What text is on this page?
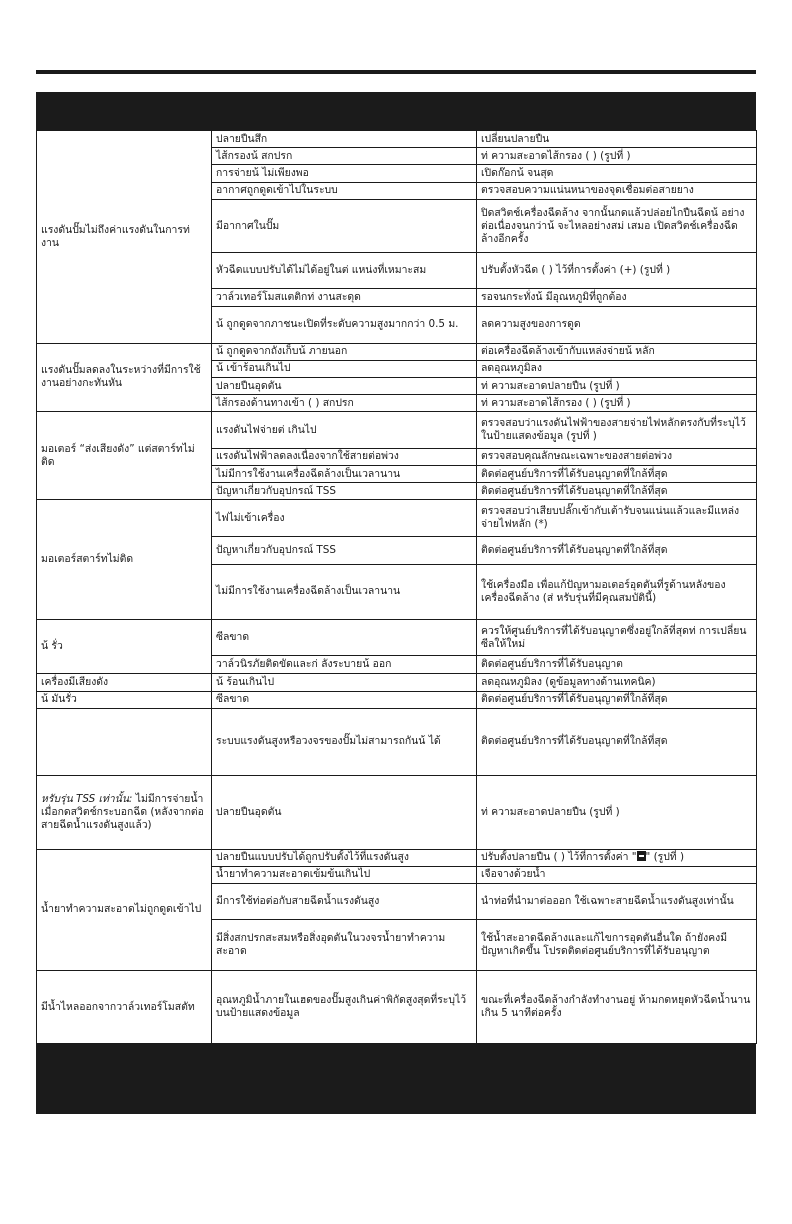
แรงดันปั๊มไม่ถึงค่าแรงดันในการท่ งาน	ปลายปืนสึก	เปลี่ยนปลายปืน
	ไส้กรองน้ สกปรก	ท่ ความสะอาดไส้กรอง ( ) (รูปที่ )
	การจ่ายน้ ไม่เพียงพอ	เปิดก๊อกน้ จนสุด
	อากาศถูกดูดเข้าไปในระบบ	ตรวจสอบความแน่นหนาของจุดเชื่อมต่อสายยาง
	มีอากาศในปั๊ม	ปิดสวิตช์เครื่องฉีดล้าง จากนั้นกดแล้วปล่อยไกปืนฉีดน้ อย่างต่อเนื่องจนกว่าน้ จะไหลอย่างสม่ เสมอ เปิดสวิตช์เครื่องฉีดล้างอีกครั้ง
	หัวฉีดแบบปรับได้ไม่ได้อยู่ในต่ แหน่งที่เหมาะสม	ปรับตั้งหัวฉีด ( ) ไว้ที่การตั้งค่า (+) (รูปที่ )
	วาล์วเทอร์โมสแตติกท่ งานสะดุด	รอจนกระทั่งน้ มีอุณหภูมิที่ถูกต้อง
	น้ ถูกดูดจากภาชนะเปิดที่ระดับความสูงมากกว่า 0.5 ม.	ลดความสูงของการดูด
แรงดันปั๊มลดลงในระหว่างที่มีการใช้งานอย่างกะทันหัน	น้ ถูกดูดจากถังเก็บน้ ภายนอก	ต่อเครื่องฉีดล้างเข้ากับแหล่งจ่ายน้ หลัก
	น้ เข้าร้อนเกินไป	ลดอุณหภูมิลง
	ปลายปืนอุดตัน	ท่ ความสะอาดปลายปืน (รูปที่ )
	ไส้กรองด้านทางเข้า ( ) สกปรก	ท่ ความสะอาดไส้กรอง ( ) (รูปที่ )
มอเตอร์ “ส่งเสียงดัง” แต่สตาร์ทไม่ติด	แรงดันไฟจ่ายต่ เกินไป	ตรวจสอบว่าแรงดันไฟฟ้าของสายจ่ายไฟหลักตรงกับที่ระบุไว้ในป้ายแสดงข้อมูล (รูปที่ )
	แรงดันไฟฟ้าลดลงเนื่องจากใช้สายต่อพ่วง	ตรวจสอบคุณลักษณะเฉพาะของสายต่อพ่วง
	ไม่มีการใช้งานเครื่องฉีดล้างเป็นเวลานาน	ติดต่อศูนย์บริการที่ได้รับอนุญาตที่ใกล้ที่สุด
	ปัญหาเกี่ยวกับอุปกรณ์ TSS	ติดต่อศูนย์บริการที่ได้รับอนุญาตที่ใกล้ที่สุด
มอเตอร์สตาร์ทไม่ติด	ไฟไม่เข้าเครื่อง	ตรวจสอบว่าเสียบปลั๊กเข้ากับเต้ารับจนแน่นแล้วและมีแหล่งจ่ายไฟหลัก (*)
	ปัญหาเกี่ยวกับอุปกรณ์ TSS	ติดต่อศูนย์บริการที่ได้รับอนุญาตที่ใกล้ที่สุด
	ไม่มีการใช้งานเครื่องฉีดล้างเป็นเวลานาน	ใช้เครื่องมือ เพื่อแก้ปัญหามอเตอร์อุดตันที่รูด้านหลังของเครื่องฉีดล้าง (ส่ หรับรุ่นที่มีคุณสมบัตินี้)
น้ รั่ว	ซีลขาด	ควรให้ศูนย์บริการที่ได้รับอนุญาตซึ่งอยู่ใกล้ที่สุดท่ การเปลี่ยนซีลให้ใหม่
	วาล์วนิรภัยติดขัดและก่ ลังระบายน้ ออก	ติดต่อศูนย์บริการที่ได้รับอนุญาต
เครื่องมีเสียงดัง	น้ ร้อนเกินไป	ลดอุณหภูมิลง (ดูข้อมูลทางด้านเทคนิค)
น้ มันรั่ว	ซีลขาด	ติดต่อศูนย์บริการที่ได้รับอนุญาตที่ใกล้ที่สุด
	ระบบแรงดันสูงหรือวงจรของปั๊มไม่สามารถกันน้ ได้	ติดต่อศูนย์บริการที่ได้รับอนุญาตที่ใกล้ที่สุด
หรับรุ่น TSS เท่านั้น: ไม่มีการจ่ายน้ำเมื่อกดสวิตช์กระบอกฉีด (หลังจากต่อสายฉีดน้ำแรงดันสูงแล้ว)	ปลายปืนอุดตัน	ท่ ความสะอาดปลายปืน (รูปที่ )
น้ำยาทำความสะอาดไม่ถูกดูดเข้าไป	ปลายปืนแบบปรับได้ถูกปรับตั้งไว้ที่แรงดันสูง	ปรับตั้งปลายปืน ( ) ไว้ที่การตั้งค่า " " (รูปที่ )
	น้ำยาทำความสะอาดเข้มข้นเกินไป	เจือจางด้วยน้ำ
	มีการใช้ท่อต่อกับสายฉีดน้ำแรงดันสูง	นำท่อที่นำมาต่อออก ใช้เฉพาะสายฉีดน้ำแรงดันสูงเท่านั้น
	มีสิ่งสกปรกสะสมหรือสิ่งอุดตันในวงจรน้ำยาทำความสะอาด	ใช้น้ำสะอาดฉีดล้างและแก้ไขการอุดตันอื่นใด ถ้ายังคงมีปัญหาเกิดขึ้น โปรดติดต่อศูนย์บริการที่ได้รับอนุญาต
มีน้ำไหลออกจากวาล์วเทอร์โมสตัท	อุณหภูมิน้ำภายในเฮดของปั๊มสูงเกินค่าพิกัดสูงสุดที่ระบุไว้บนป้ายแสดงข้อมูล	ขณะที่เครื่องฉีดล้างกำลังทำงานอยู่ ห้ามกดหยุดหัวฉีดน้ำนานเกิน 5 นาทีต่อครั้ง
